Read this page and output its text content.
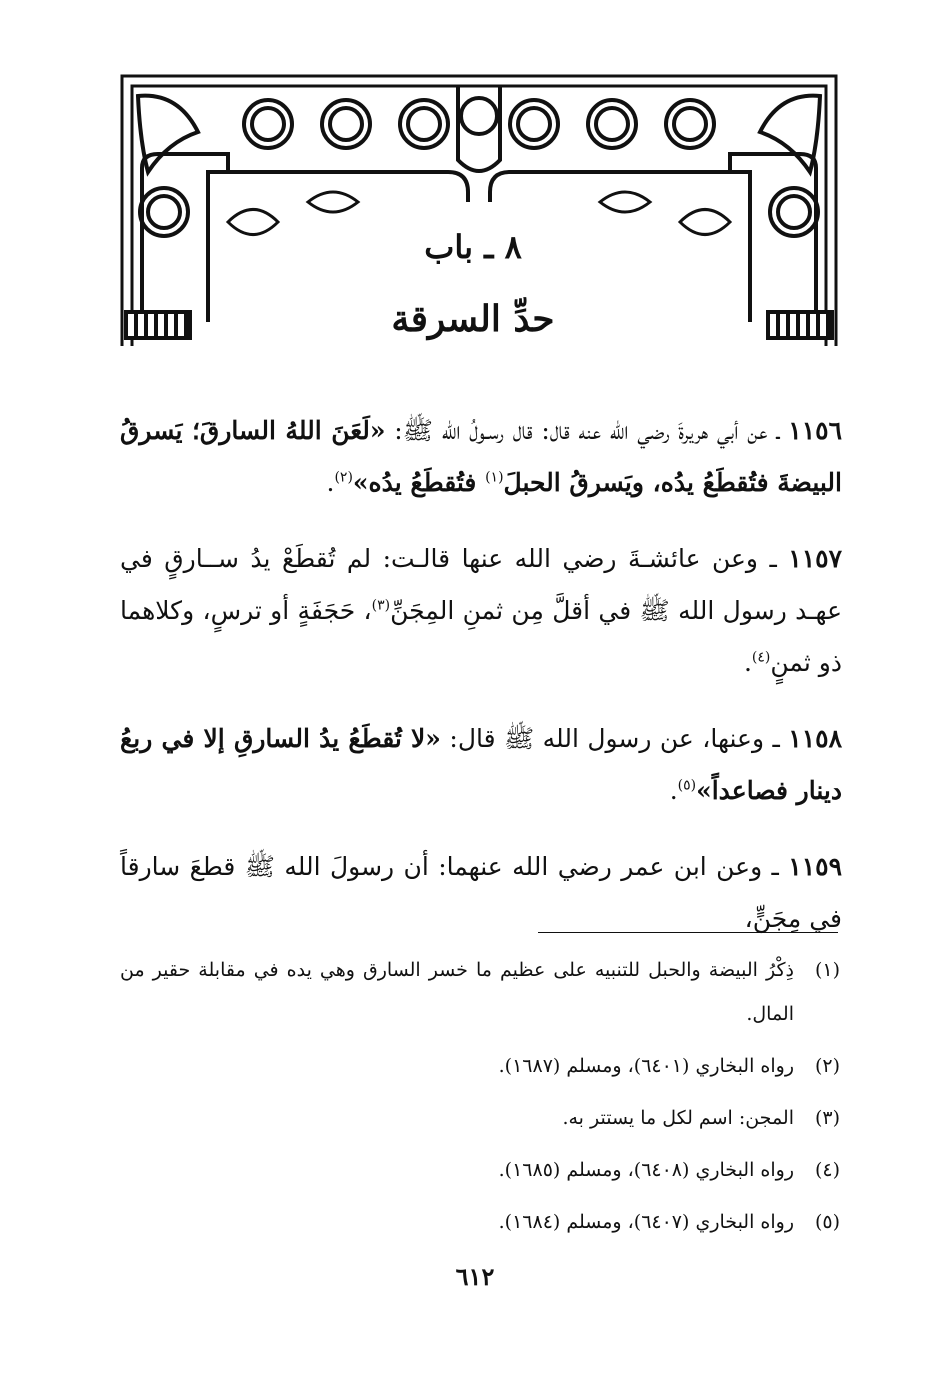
٨ ـ باب
حدِّ السرقة

١١٥٦ ـ عن أبي هريرةَ رضي الله عنه قال: قال رسـولُ الله ﷺ: «لَعَنَ اللهُ السارقَ؛ يَسرقُ البيضةَ فتُقطَعُ يدُه، ويَسرقُ الحبلَ$^{(١)}$ فتُقطَعُ يدُه»$^{(٢)}$.

١١٥٧ ـ وعن عائشـةَ رضي الله عنها قالـت: لم تُقطَعْ يدُ ســارقٍ في عهـد رسول الله ﷺ في أقلَّ مِن ثمنِ المِجَنِّ$^{(٣)}$، حَجَفَةٍ أو ترسٍ، وكلاهما ذو ثمنٍ$^{(٤)}$.

١١٥٨ ـ وعنها، عن رسول الله ﷺ قال: «لا تُقطَعُ يدُ السارقِ إلا في ربعُ دينار فصاعداً»$^{(٥)}$.

١١٥٩ ـ وعن ابن عمر رضي الله عنهما: أن رسولَ الله ﷺ قطعَ سارقاً في مِجَنٍّ،

(١)
ذِكْرُ البيضة والحبل للتنبيه على عظيم ما خسر السارق وهي يده في مقابلة حقير من المال.
(٢)
رواه البخاري (٦٤٠١)، ومسلم (١٦٨٧).
(٣)
المجن: اسم لكل ما يستتر به.
(٤)
رواه البخاري (٦٤٠٨)، ومسلم (١٦٨٥).
(٥)
رواه البخاري (٦٤٠٧)، ومسلم (١٦٨٤).
٦١٢
